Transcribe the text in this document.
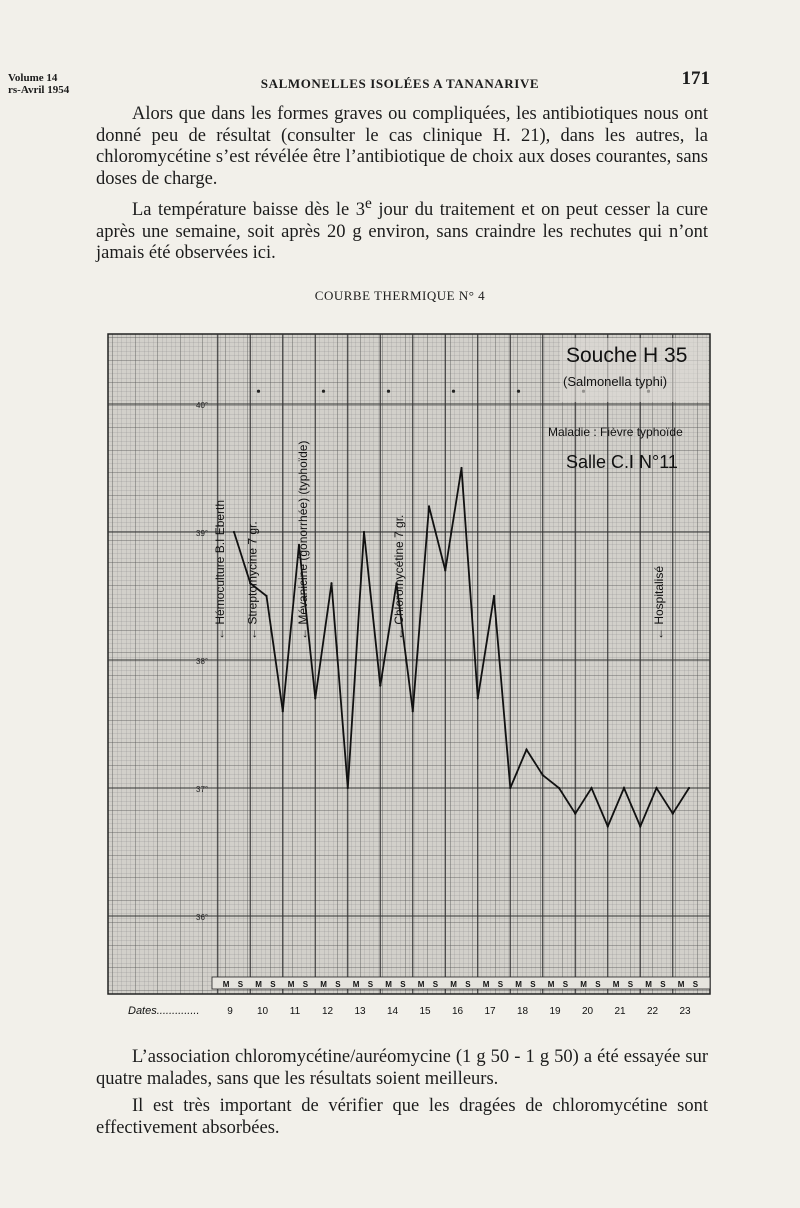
Volume 14
rs-Avril 1954	SALMONELLES ISOLÉES A TANANARIVE	171

Alors que dans les formes graves ou compliquées, les antibiotiques nous ont donné peu de résultat (consulter le cas clinique H. 21), dans les autres, la chloromycétine s’est révélée être l’antibiotique de choix aux doses courantes, sans doses de charge.

La température baisse dès le 3e jour du traitement et on peut cesser la cure après une semaine, soit après 20 g environ, sans craindre les rechutes qui n’ont jamais été observées ici.

COURBE THERMIQUE N° 4
36°
37°
38°
39°
40°
M S M S M S M S M S M S M S M S M S M S M S M S M S M S M S
Dates..............	9 10 11 12 13 14 15 16 17 18 19 20 21 22 23
← Hémoculture B.I Eberth ← Streptomycine 7 gr.	← Mévanicine (gonorrhée) (typhoïde)	← Chloromycétine 7 gr.	← Hospitalisé
Souche H 35
(Salmonella typhi)
Maladie : Fièvre typhoïde
Salle C.I N°11

L’association chloromycétine/auréomycine (1 g 50 - 1 g 50) a été essayée sur quatre malades, sans que les résultats soient meilleurs.

Il est très important de vérifier que les dragées de chloromycétine sont effectivement absorbées.
